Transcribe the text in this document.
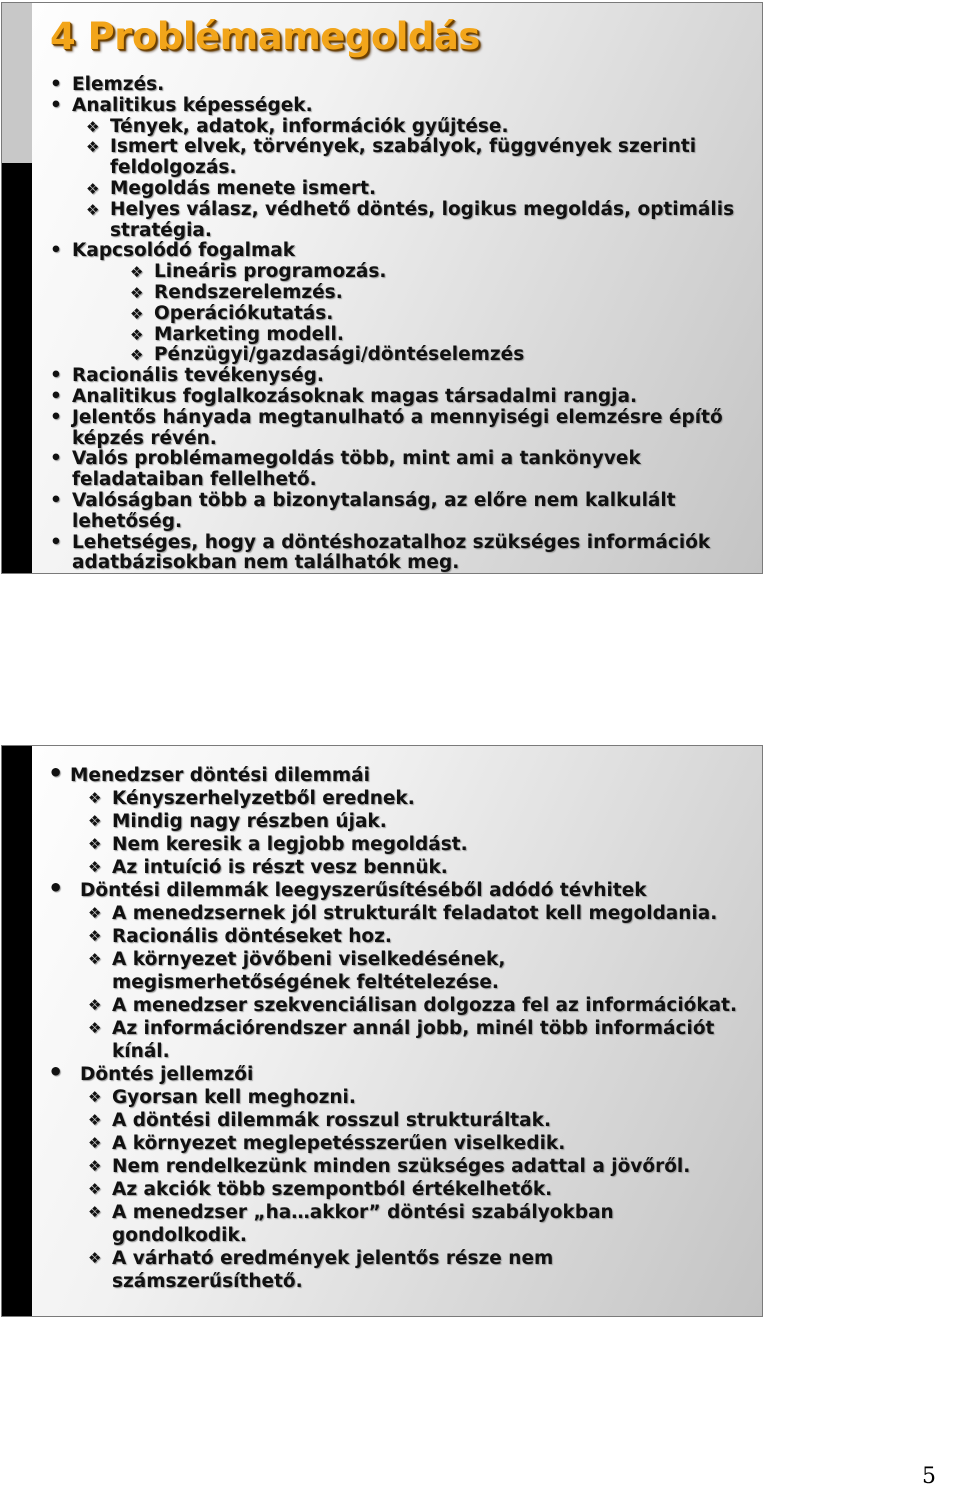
4 Problémamegoldás
• Elemzés.
• Analitikus képességek.
❖ Tények, adatok, információk gyűjtése.
❖ Ismert elvek, törvények, szabályok, függvények szerinti
feldolgozás.
❖ Megoldás menete ismert.
❖ Helyes válasz, védhető döntés, logikus megoldás, optimális
stratégia.
• Kapcsolódó fogalmak
❖ Lineáris programozás.
❖ Rendszerelemzés.
❖ Operációkutatás.
❖ Marketing modell.
❖ Pénzügyi/gazdasági/döntéselemzés
• Racionális tevékenység.
• Analitikus foglalkozásoknak magas társadalmi rangja.
• Jelentős hányada megtanulható a mennyiségi elemzésre építő
képzés révén.
• Valós problémamegoldás több, mint ami a tankönyvek
feladataiban fellelhető.
• Valóságban több a bizonytalanság, az előre nem kalkulált
lehetőség.
• Lehetséges, hogy a döntéshozatalhoz szükséges információk
adatbázisokban nem találhatók meg.
• Menedzser döntési dilemmái
❖ Kényszerhelyzetből erednek.
❖ Mindig nagy részben újak.
❖ Nem keresik a legjobb megoldást.
❖ Az intuíció is részt vesz bennük.
• Döntési dilemmák leegyszerűsítéséből adódó tévhitek
❖ A menedzsernek jól strukturált feladatot kell megoldania.
❖ Racionális döntéseket hoz.
❖ A környezet jövőbeni viselkedésének,
megismerhetőségének feltételezése.
❖ A menedzser szekvenciálisan dolgozza fel az információkat.
❖ Az információrendszer annál jobb, minél több információt
kínál.
• Döntés jellemzői
❖ Gyorsan kell meghozni.
❖ A döntési dilemmák rosszul strukturáltak.
❖ A környezet meglepetésszerűen viselkedik.
❖ Nem rendelkezünk minden szükséges adattal a jövőről.
❖ Az akciók több szempontból értékelhetők.
❖ A menedzser „ha…akkor” döntési szabályokban
gondolkodik.
❖ A várható eredmények jelentős része nem
számszerűsíthető.
5
